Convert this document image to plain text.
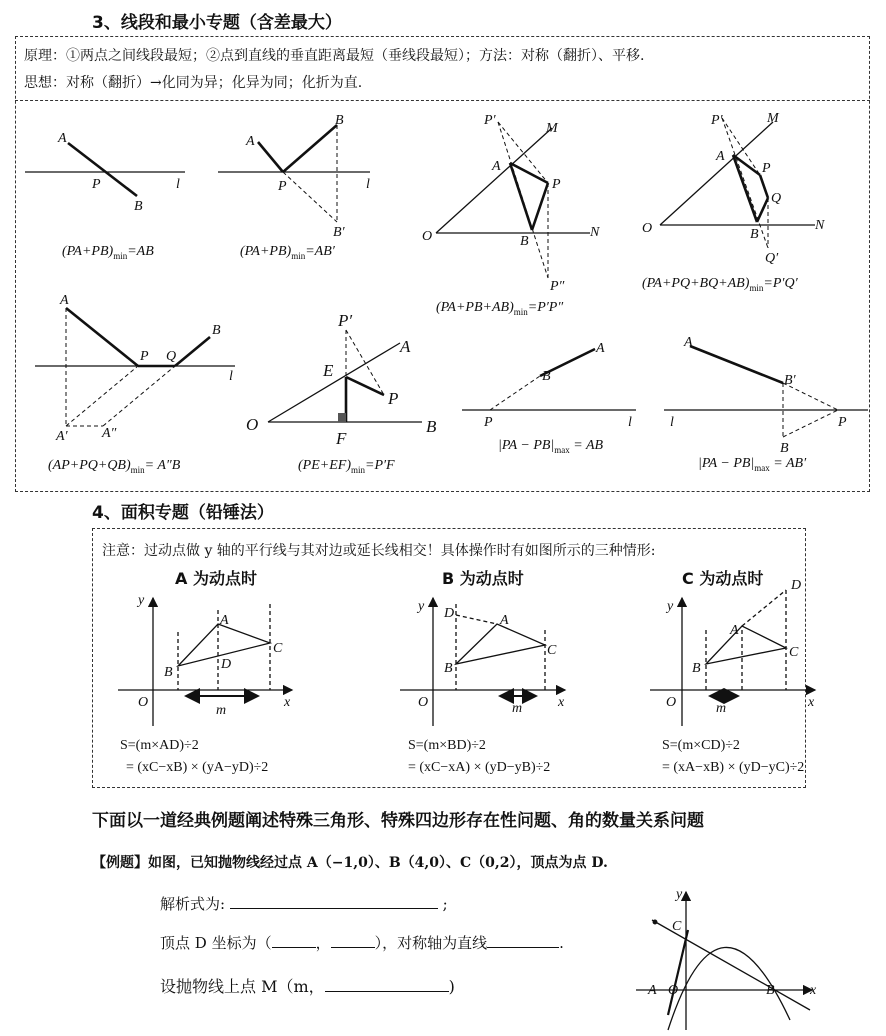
3、线段和最小专题（含差最大）
原理：①两点之间线段最短；②点到直线的垂直距离最短（垂线段最短）；方法：对称（翻折）、平移.
思想：对称（翻折）→化同为异；化异为同；化折为直.
A
P	l
B
A
B
P	l
B′
P′
M
A
P
O	B
N
P″
P′	M
A
P
Q
O	B
N
Q′
A
B
P Q
l
A′ A″
P′
A
E
P
O
F
B
A
B
P	l
A
B′
l	P
B
$(PA+PB)_{min}=AB$	$(PA+PB)_{min}=AB'$
$(PA+PB+AB)_{min}=P'P''$
$(PA+PQ+BQ+AB)_{min}=P'Q'$
$(AP+PQ+QB)_{min}= A''B$	$(PE+EF)_{min}=P'F$
$|PA - PB|_{max}$ = AB
$|PA - PB|_{max} = AB'$
4、面积专题（铅锤法）
注意：过动点做 y 轴的平行线与其对边或延长线相交！具体操作时有如图所示的三种情形:
A 为动点时	B 为动点时	C 为动点时
y
A
C
B
D
O
m
x
y D	A
C
B
O	m	x
y
D
A
C
B
O	m	x
S=(m×AD)÷2
= (xC−xB) × (yA−yD)÷2
S=(m×BD)÷2
= (xC−xA) × (yD−yB)÷2
S=(m×CD)÷2
= (xA−xB) × (yD−yC)÷2
下面以一道经典例题阐述特殊三角形、特殊四边形存在性问题、角的数量关系问题
【例题】如图，已知抛物线经过点 A（−1,0）、B（4,0）、C（0,2），顶点为点 D.
解析式为:	;
顶点 D 坐标为（	，	），对称轴为直线	.
设抛物线上点 M（m，	)
y
C
A O	B	x
